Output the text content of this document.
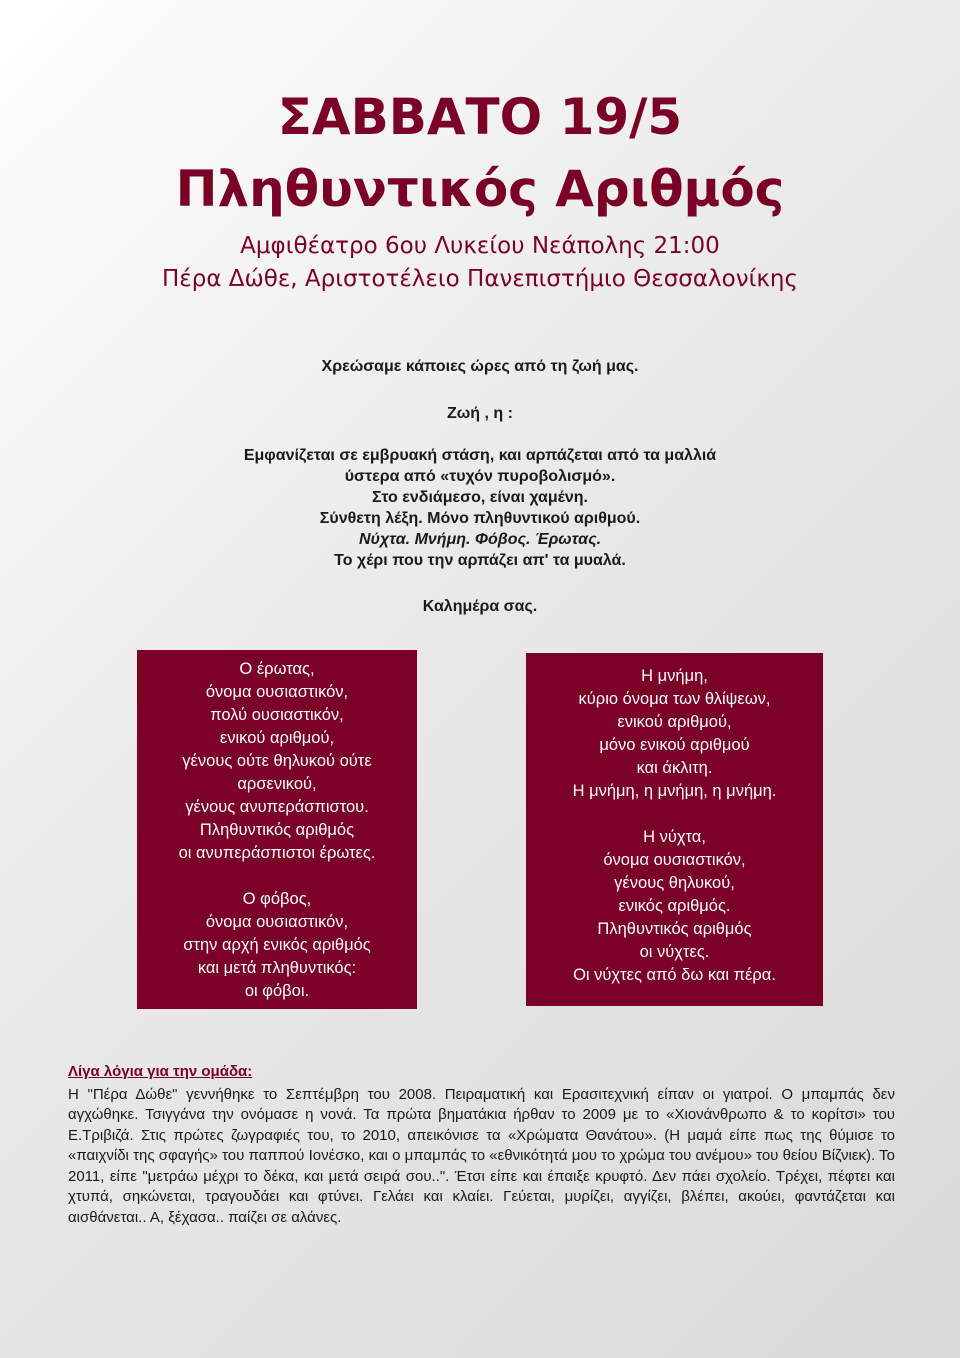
ΣΑΒΒΑΤΟ 19/5
Πληθυντικός Αριθμός

Αμφιθέατρο 6ου Λυκείου Νεάπολης 21:00

Πέρα Δώθε, Αριστοτέλειο Πανεπιστήμιο Θεσσαλονίκης

Χρεώσαμε κάποιες ώρες από τη ζωή μας.

Ζωή , η :

Εμφανίζεται σε εμβρυακή στάση, και αρπάζεται από τα μαλλιά

ύστερα από «τυχόν πυροβολισμό».

Στο ενδιάμεσο, είναι χαμένη.

Σύνθετη λέξη. Μόνο πληθυντικού αριθμού.

Νύχτα. Μνήμη. Φόβος. Έρωτας.

Το χέρι που την αρπάζει απ' τα μυαλά.

Καλημέρα σας.

Ο έρωτας,

όνομα ουσιαστικόν,

πολύ ουσιαστικόν,

ενικού αριθμού,

γένους ούτε θηλυκού ούτε

αρσενικού,

γένους ανυπεράσπιστου.

Πληθυντικός αριθμός

οι ανυπεράσπιστοι έρωτες.

Ο φόβος,

όνομα ουσιαστικόν,

στην αρχή ενικός αριθμός

και μετά πληθυντικός:

οι φόβοι.

Η μνήμη,

κύριο όνομα των θλίψεων,

ενικού αριθμού,

μόνο ενικού αριθμού

και άκλιτη.

Η μνήμη, η μνήμη, η μνήμη.

Η νύχτα,

όνομα ουσιαστικόν,

γένους θηλυκού,

ενικός αριθμός.

Πληθυντικός αριθμός

οι νύχτες.

Οι νύχτες από δω και πέρα.

Λίγα λόγια για την ομάδα:

Η "Πέρα Δώθε" γεννήθηκε το Σεπτέμβρη του 2008. Πειραματική και Ερασιτεχνική είπαν οι γιατροί. Ο μπαμπάς δεν αγχώθηκε. Τσιγγάνα την ονόμασε η νονά. Τα πρώτα βηματάκια ήρθαν το 2009 με το «Χιονάνθρωπο & το κορίτσι» του Ε.Τριβιζά. Στις πρώτες ζωγραφιές του, το 2010, απεικόνισε τα «Χρώματα Θανάτου». (Η μαμά είπε πως της θύμισε το «παιχνίδι της σφαγής» του παππού Ιονέσκο, και ο μπαμπάς το «εθνικότητά μου το χρώμα του ανέμου» του θείου Βίζνιεκ). Το 2011, είπε "μετράω μέχρι το δέκα, και μετά σειρά σου..". Έτσι είπε και έπαιξε κρυφτό. Δεν πάει σχολείο. Τρέχει, πέφτει και χτυπά, σηκώνεται, τραγουδάει και φτύνει. Γελάει και κλαίει. Γεύεται, μυρίζει, αγγίζει, βλέπει, ακούει, φαντάζεται και αισθάνεται.. Α, ξέχασα.. παίζει σε αλάνες.
